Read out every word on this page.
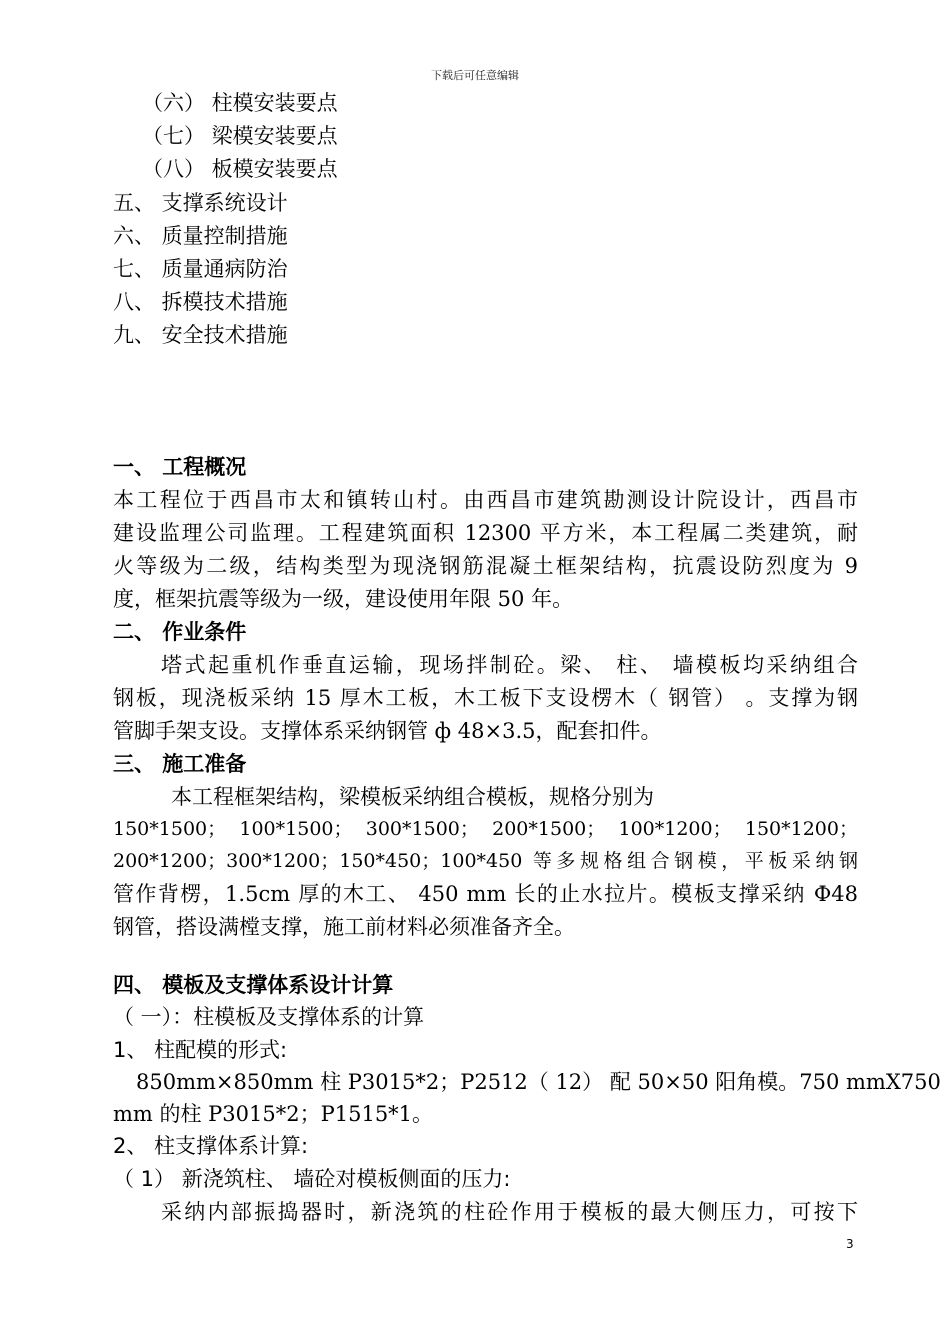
下载后可任意编辑
（六） 柱模安装要点
（七） 梁模安装要点
（八） 板模安装要点
五、 支撑系统设计
六、 质量控制措施
七、 质量通病防治
八、 拆模技术措施
九、 安全技术措施
一、 工程概况
本工程位于西昌市太和镇转山村。由西昌市建筑勘测设计院设计，西昌市
建设监理公司监理。工程建筑面积 12300 平方米，本工程属二类建筑，耐
火等级为二级，结构类型为现浇钢筋混凝土框架结构，抗震设防烈度为 9
度，框架抗震等级为一级，建设使用年限 50 年。
二、 作业条件
塔式起重机作垂直运输，现场拌制砼。梁、 柱、 墙模板均采纳组合
钢板，现浇板采纳 15 厚木工板，木工板下支设楞木（ 钢管） 。支撑为钢
管脚手架支设。支撑体系采纳钢管 ф 48×3.5，配套扣件。
三、 施工准备
本工程框架结构，梁模板采纳组合模板，规格分别为
150*1500； 100*1500； 300*1500； 200*1500； 100*1200； 150*1200；
200*1200；300*1200；150*450；100*450 等多规格组合钢模，平板采纳钢
管作背楞，1.5cm 厚的木工、 450 mm 长的止水拉片。模板支撑采纳 Ф48
钢管，搭设满樘支撑，施工前材料必须准备齐全。
四、 模板及支撑体系设计计算
（ 一）：柱模板及支撑体系的计算
1、 柱配模的形式:
850mm×850mm 柱 P3015*2；P2512（ 12） 配 50×50 阳角模。750 mmX750
mm 的柱 P3015*2；P1515*1。
2、 柱支撑体系计算:
（ 1） 新浇筑柱、 墙砼对模板侧面的压力:
采纳内部振捣器时，新浇筑的柱砼作用于模板的最大侧压力，可按下
3
